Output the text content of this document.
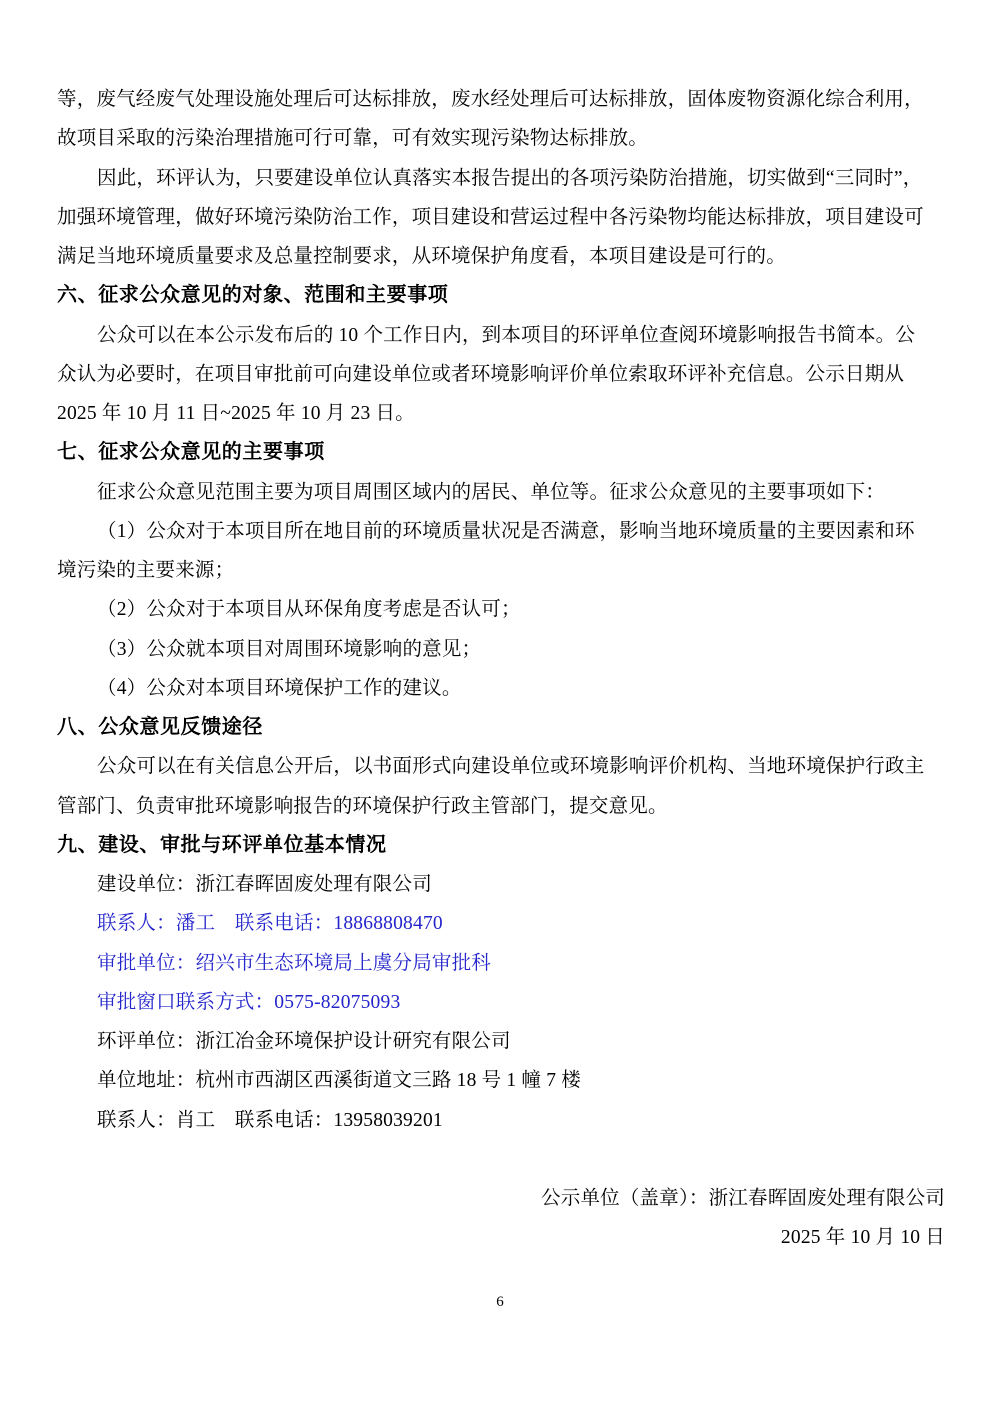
等，废气经废气处理设施处理后可达标排放，废水经处理后可达标排放，固体废物资源化综合利用，
故项目采取的污染治理措施可行可靠，可有效实现污染物达标排放。
因此，环评认为，只要建设单位认真落实本报告提出的各项污染防治措施，切实做到“三同时”，
加强环境管理，做好环境污染防治工作，项目建设和营运过程中各污染物均能达标排放，项目建设可
满足当地环境质量要求及总量控制要求，从环境保护角度看，本项目建设是可行的。
六、征求公众意见的对象、范围和主要事项
公众可以在本公示发布后的 10 个工作日内，到本项目的环评单位查阅环境影响报告书简本。公
众认为必要时，在项目审批前可向建设单位或者环境影响评价单位索取环评补充信息。公示日期从
2025 年 10 月 11 日~2025 年 10 月 23 日。
七、征求公众意见的主要事项
征求公众意见范围主要为项目周围区域内的居民、单位等。征求公众意见的主要事项如下：
（1）公众对于本项目所在地目前的环境质量状况是否满意，影响当地环境质量的主要因素和环
境污染的主要来源；
（2）公众对于本项目从环保角度考虑是否认可；
（3）公众就本项目对周围环境影响的意见；
（4）公众对本项目环境保护工作的建议。
八、公众意见反馈途径
公众可以在有关信息公开后，以书面形式向建设单位或环境影响评价机构、当地环境保护行政主
管部门、负责审批环境影响报告的环境保护行政主管部门，提交意见。
九、建设、审批与环评单位基本情况
建设单位：浙江春晖固废处理有限公司
联系人：潘工　联系电话：18868808470
审批单位：绍兴市生态环境局上虞分局审批科
审批窗口联系方式：0575-82075093
环评单位：浙江冶金环境保护设计研究有限公司
单位地址：杭州市西湖区西溪街道文三路 18 号 1 幢 7 楼
联系人：肖工　联系电话：13958039201
公示单位（盖章）：浙江春晖固废处理有限公司
2025 年 10 月 10 日
6
